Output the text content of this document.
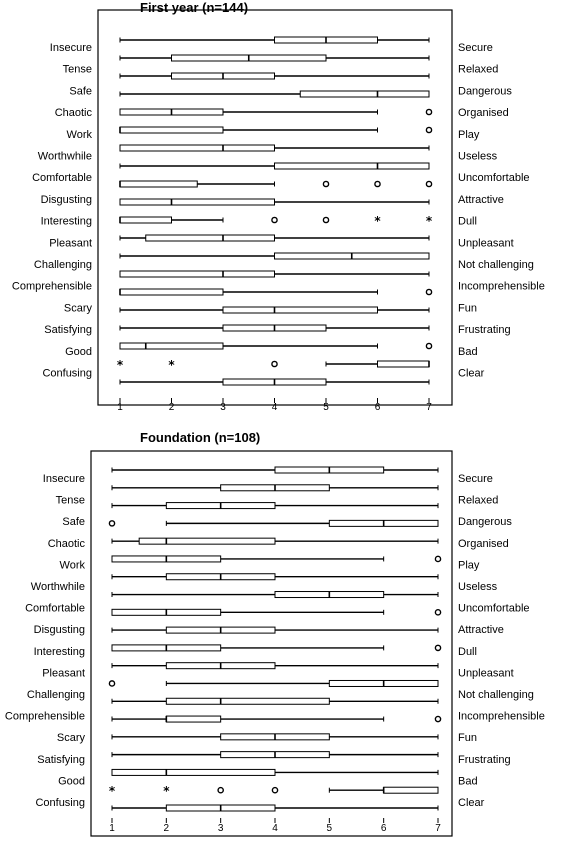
First year (n=144)
Foundation (n=108)
1	2	3	4	5	6	7
Insecure
Tense
Safe
Chaotic
Work
Worthwhile
Comfortable
Disgusting
Interesting
Pleasant
Challenging
Comprehensible
Scary
Satisfying
Good
Confusing
Secure
Relaxed
Dangerous
Organised
Play
Useless
Uncomfortable
Attractive
Dull
Unpleasant
Not challenging
Incomprehensible
Fun
Frustrating
Bad
Clear
*	*
*	*
1	2	3	4	5	6	7
Insecure
Tense
Safe
Chaotic
Work
Worthwhile
Comfortable
Disgusting
Interesting
Pleasant
Challenging
Comprehensible
Scary
Satisfying
Good
Confusing
Secure
Relaxed
Dangerous
Organised
Play
Useless
Uncomfortable
Attractive
Dull
Unpleasant
Not challenging
Incomprehensible
Fun
Frustrating
Bad
Clear
*	*
